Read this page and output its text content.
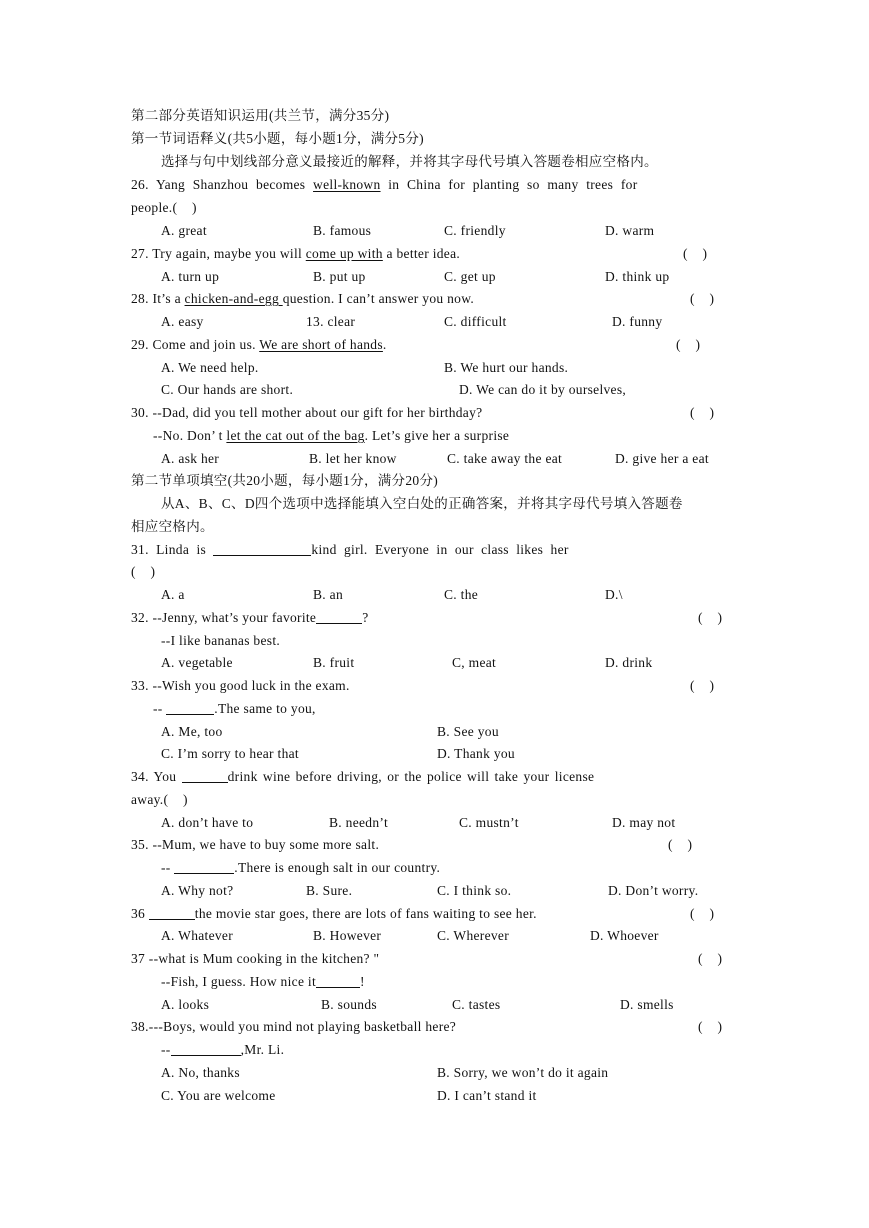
第二部分英语知识运用(共兰节，满分35分)
第一节词语释义(共5小题，每小题1分，满分5分)
选择与句中划线部分意义最接近的解释，并将其字母代号填入答题卷相应空格内。
26. Yang Shanzhou becomes well-known in China for planting so many trees for
people.(    )
A. great	B. famous	C. friendly	D. warm
27. Try again, maybe you will come up with a better idea.	(    )
A. turn up	B. put up	C. get up	D. think up
28. It’s a chicken-and-egg question. I can’t answer you now.	(    )
A. easy	13. clear	C. difficult	D. funny
29. Come and join us. We are short of hands.	(    )
A. We need help.	B. We hurt our hands.
C. Our hands are short.	D. We can do it by ourselves,
30. --Dad, did you tell mother about our gift for her birthday?	(    )
--No. Don’ t let the cat out of the bag. Let’s give her a surprise
A. ask her	B. let her know	C. take away the eat	D. give her a eat
第二节单项填空(共20小题，每小题1分，满分20分)
从A、B、C、D四个选项中选择能填入空白处的正确答案，并将其字母代号填入答题卷
相应空格内。
31.  Linda  is	kind  girl.  Everyone  in  our  class  likes  her
(    )
A. a	B. an	C. the	D.\
32. --Jenny, what’s your favorite	?	(    )
--I like bananas best.
A. vegetable	B. fruit	C, meat	D. drink
33. --Wish you good luck in the exam.	(    )
--	.The same to you,
A. Me, too	B. See you
C. I’m sorry to hear that	D. Thank you
34. You	drink wine before driving, or the police will take your license
away.(    )
A. don’t have to	B. needn’t	C. mustn’t	D. may not
35. --Mum, we have to buy some more salt.	(    )
--	.There is enough salt in our country.
A. Why not?	B. Sure.	C. I think so.	D. Don’t worry.
36	the movie star goes, there are lots of fans waiting to see her.	(    )
A. Whatever	B. However	C. Wherever	D. Whoever
37 --what is Mum cooking in the kitchen? "	(    )
--Fish, I guess. How nice it	!
A. looks	B. sounds	C. tastes	D. smells
38.---Boys, would you mind not playing basketball here?	(    )
--	,Mr. Li.
A. No, thanks	B. Sorry, we won’t do it again
C. You are welcome	D. I can’t stand it
